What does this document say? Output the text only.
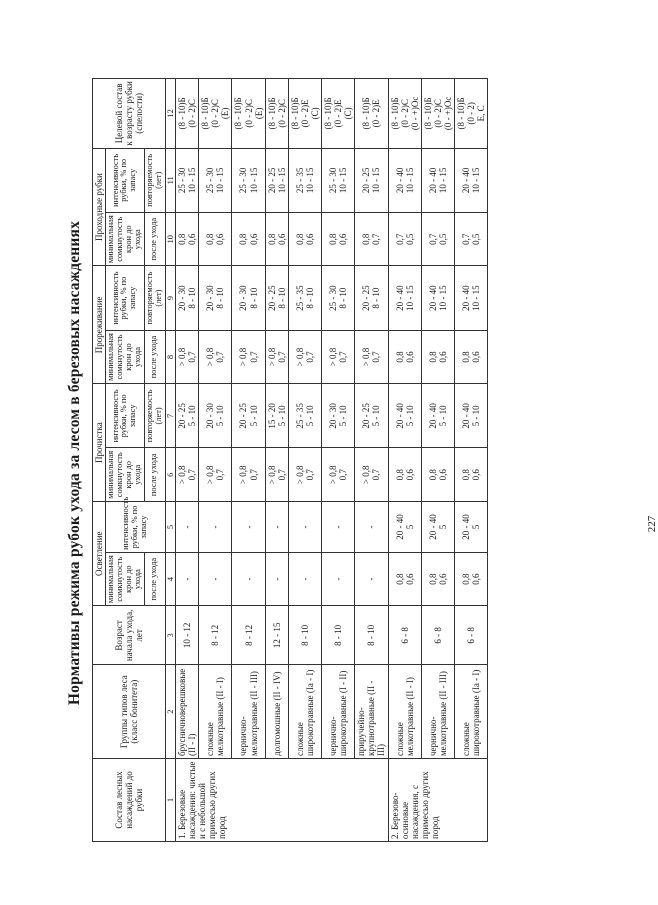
Нормативы режима рубок ухода за лесом в березовых насаждениях
Состав лесных насаждений до рубки	Группы типов леса (класс бонитета)	Возраст начала ухода, лет	Осветление		Прочистка		Прореживание		Проходные рубки		Целевой состав к возрасту рубки (спелости)
			минимальная сомкнутость крон до ухода	интенсивность рубки, % по запасу	минимальная сомкнутость крон до ухода	интенсивность рубки, % по запасу	минимальная сомкнутость крон до ухода	интенсивность рубки, % по запасу	минимальная сомкнутость крон до ухода	интенсивность рубки, % по запасу	
			после ухода		после ухода	повторяемость (лет)	после ухода	повторяемость (лет)	после ухода	повторяемость (лет)	
1	2	3	4	5	6	7	8	9	10	11	12
1. Березовые насаждения: чистые и с небольшой примесью других пород	брусничноверешковые (II - I)	10 - 12	-	-	> 0,8 0,7	20 - 25 5 - 10	> 0,8 0,7	20 - 30 8 - 10	0,8 0,6	25 - 30 10 - 15	(8 - 10)Б (0 - 2)С

	сложные мелкотравные (II - I)	8 - 12	-	-	> 0,8 0,7	20 - 30 5 - 10	> 0,8 0,7	20 - 30 8 - 10	0,8 0,6	25 - 30 10 - 15	(8 - 10)Б (0 - 2)С (Е)

	чернично-мелкотравные (II - III)	8 - 12	-	-	> 0,8 0,7	20 - 25 5 - 10	> 0,8 0,7	20 - 30 8 - 10	0,8 0,6	25 - 30 10 - 15	(8 - 10)Б (0 - 2)С (Е)

	долгомошные (II - IV)	12 - 15	-	-	> 0,8 0,7	15 - 20 5 - 10	> 0,8 0,7	20 - 25 8 - 10	0,8 0,6	20 - 25 10 - 15	(8 - 10)Б (0 - 2)С

	сложные широкотравные (Iа - I)	8 - 10	-	-	> 0,8 0,7	25 - 35 5 - 10	> 0,8 0,7	25 - 35 8 - 10	0,8 0,6	25 - 35 10 - 15	(8 - 10)Б (0 - 2)Е (С)

	чернично-широкотравные (I - II)	8 - 10	-	-	> 0,8 0,7	20 - 30 5 - 10	> 0,8 0,7	25 - 30 8 - 10	0,8 0,6	25 - 30 10 - 15	(8 - 10)Б (0 - 2)Е (С)

	приручейно-крупнотравные (II - III)	8 - 10	-	-	> 0,8 0,7	20 - 25 5 - 10	> 0,8 0,7	20 - 25 8 - 10	0,8 0,7	20 - 25 10 - 15	(8 - 10)Б (0 - 2)Е

2. Березово-осиновые насаждения, с примесью других пород	сложные мелкотравные (II - I)	6 - 8	0,8 0,6	20 - 40 5	0,8 0,6	20 - 40 5 - 10	0,8 0,6	20 - 40 10 - 15	0,7 0,5	20 - 40 10 - 15	(8 - 10)Б (0 - 2)С (0 - +)Ос

	чернично-мелкотравные (II - III)	6 - 8	0,8 0,6	20 - 40 5	0,8 0,6	20 - 40 5 - 10	0,8 0,6	20 - 40 10 - 15	0,7 0,5	20 - 40 10 - 15	(8 - 10)Б (0 - 2)С (0 - +)Ос

	сложные широкотравные (Iа - I)	6 - 8	0,8 0,6	20 - 40 5	0,8 0,6	20 - 40 5 - 10	0,8 0,6	20 - 40 10 - 15	0,7 0,5	20 - 40 10 - 15	(8 - 10)Б (0 - 2) Е, С
227
